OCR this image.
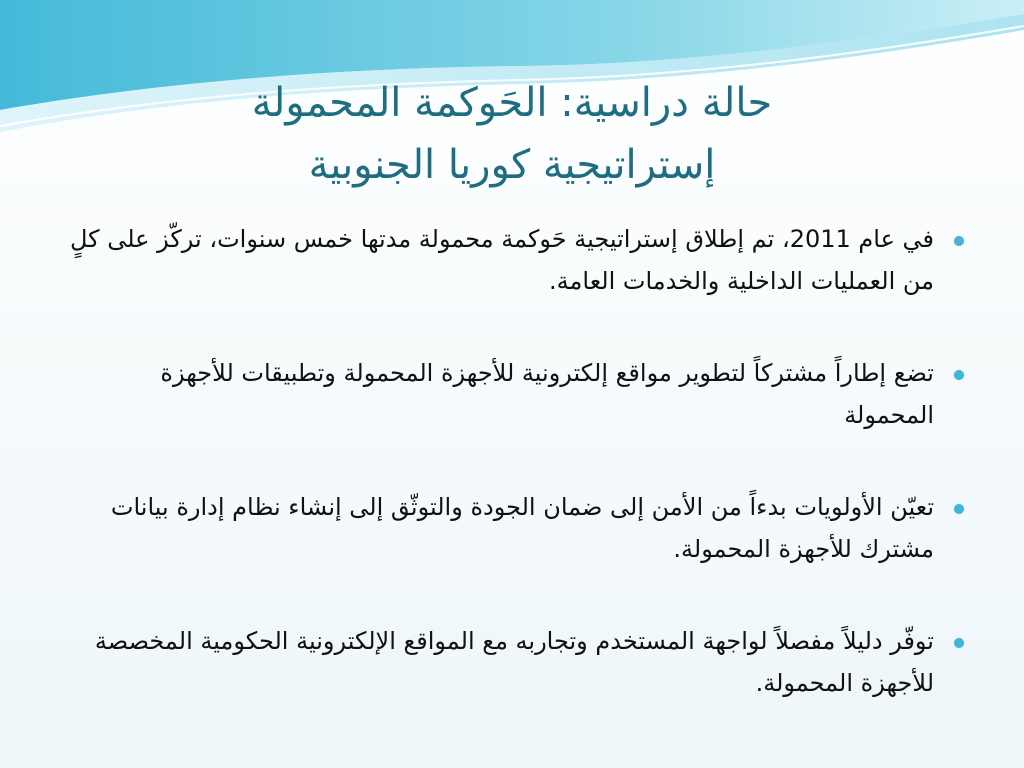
حالة دراسية: الحَوكمة المحمولة
إستراتيجية كوريا الجنوبية
في عام 2011، تم إطلاق إستراتيجية حَوكمة محمولة مدتها خمس سنوات، تركّز على كلٍ من العمليات الداخلية والخدمات العامة.
تضع إطاراً مشتركاً لتطوير مواقع إلكترونية للأجهزة المحمولة وتطبيقات للأجهزة المحمولة
تعيّن الأولويات بدءاً من الأمن إلى ضمان الجودة والتوثّق إلى إنشاء نظام إدارة بيانات مشترك للأجهزة المحمولة.
توفّر دليلاً مفصلاً لواجهة المستخدم وتجاربه مع المواقع الإلكترونية الحكومية المخصصة للأجهزة المحمولة.
